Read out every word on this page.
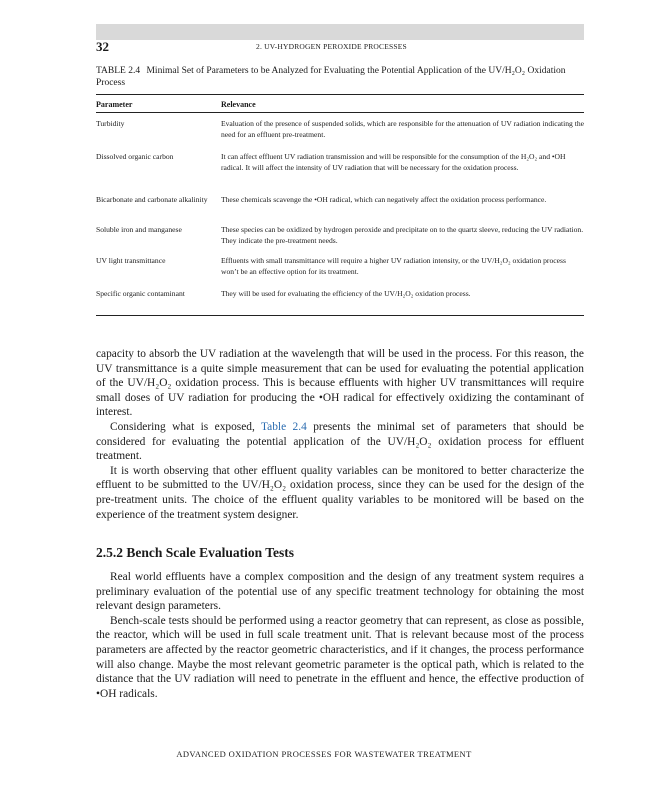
32	2. UV-HYDROGEN PEROXIDE PROCESSES
TABLE 2.4 Minimal Set of Parameters to be Analyzed for Evaluating the Potential Application of the UV/H₂O₂ Oxidation Process
Parameter	Relevance
Turbidity	Evaluation of the presence of suspended solids, which are responsible for the attenuation of UV radiation indicating the need for an effluent pre-treatment.
Dissolved organic carbon	It can affect effluent UV radiation transmission and will be responsible for the consumption of the H₂O₂ and •OH radical. It will affect the intensity of UV radiation that will be necessary for the oxidation process.
Bicarbonate and carbonate alkalinity	These chemicals scavenge the •OH radical, which can negatively affect the oxidation process performance.
Soluble iron and manganese	These species can be oxidized by hydrogen peroxide and precipitate on to the quartz sleeve, reducing the UV radiation. They indicate the pre-treatment needs.
UV light transmittance	Effluents with small transmittance will require a higher UV radiation intensity, or the UV/H₂O₂ oxidation process won’t be an effective option for its treatment.
Specific organic contaminant	They will be used for evaluating the efficiency of the UV/H₂O₂ oxidation process.

capacity to absorb the UV radiation at the wavelength that will be used in the process. For this reason, the UV transmittance is a quite simple measurement that can be used for evaluating the potential application of the UV/H₂O₂ oxidation process. This is because effluents with higher UV transmittances will require small doses of UV radiation for producing the •OH radical for effectively oxidizing the contaminant of interest.

Considering what is exposed, Table 2.4 presents the minimal set of parameters that should be considered for evaluating the potential application of the UV/H₂O₂ oxidation process for effluent treatment.

It is worth observing that other effluent quality variables can be monitored to better characterize the effluent to be submitted to the UV/H₂O₂ oxidation process, since they can be used for the design of the pre-treatment units. The choice of the effluent quality variables to be monitored will be based on the experience of the treatment system designer.

2.5.2 Bench Scale Evaluation Tests

Real world effluents have a complex composition and the design of any treatment system requires a preliminary evaluation of the potential use of any specific treatment technology for obtaining the most relevant design parameters.

Bench-scale tests should be performed using a reactor geometry that can represent, as close as possible, the reactor, which will be used in full scale treatment unit. That is relevant because most of the process parameters are affected by the reactor geometric characteristics, and if it changes, the process performance will also change. Maybe the most relevant geometric parameter is the optical path, which is related to the distance that the UV radiation will need to penetrate in the effluent and hence, the effective production of •OH radicals.

ADVANCED OXIDATION PROCESSES FOR WASTEWATER TREATMENT
